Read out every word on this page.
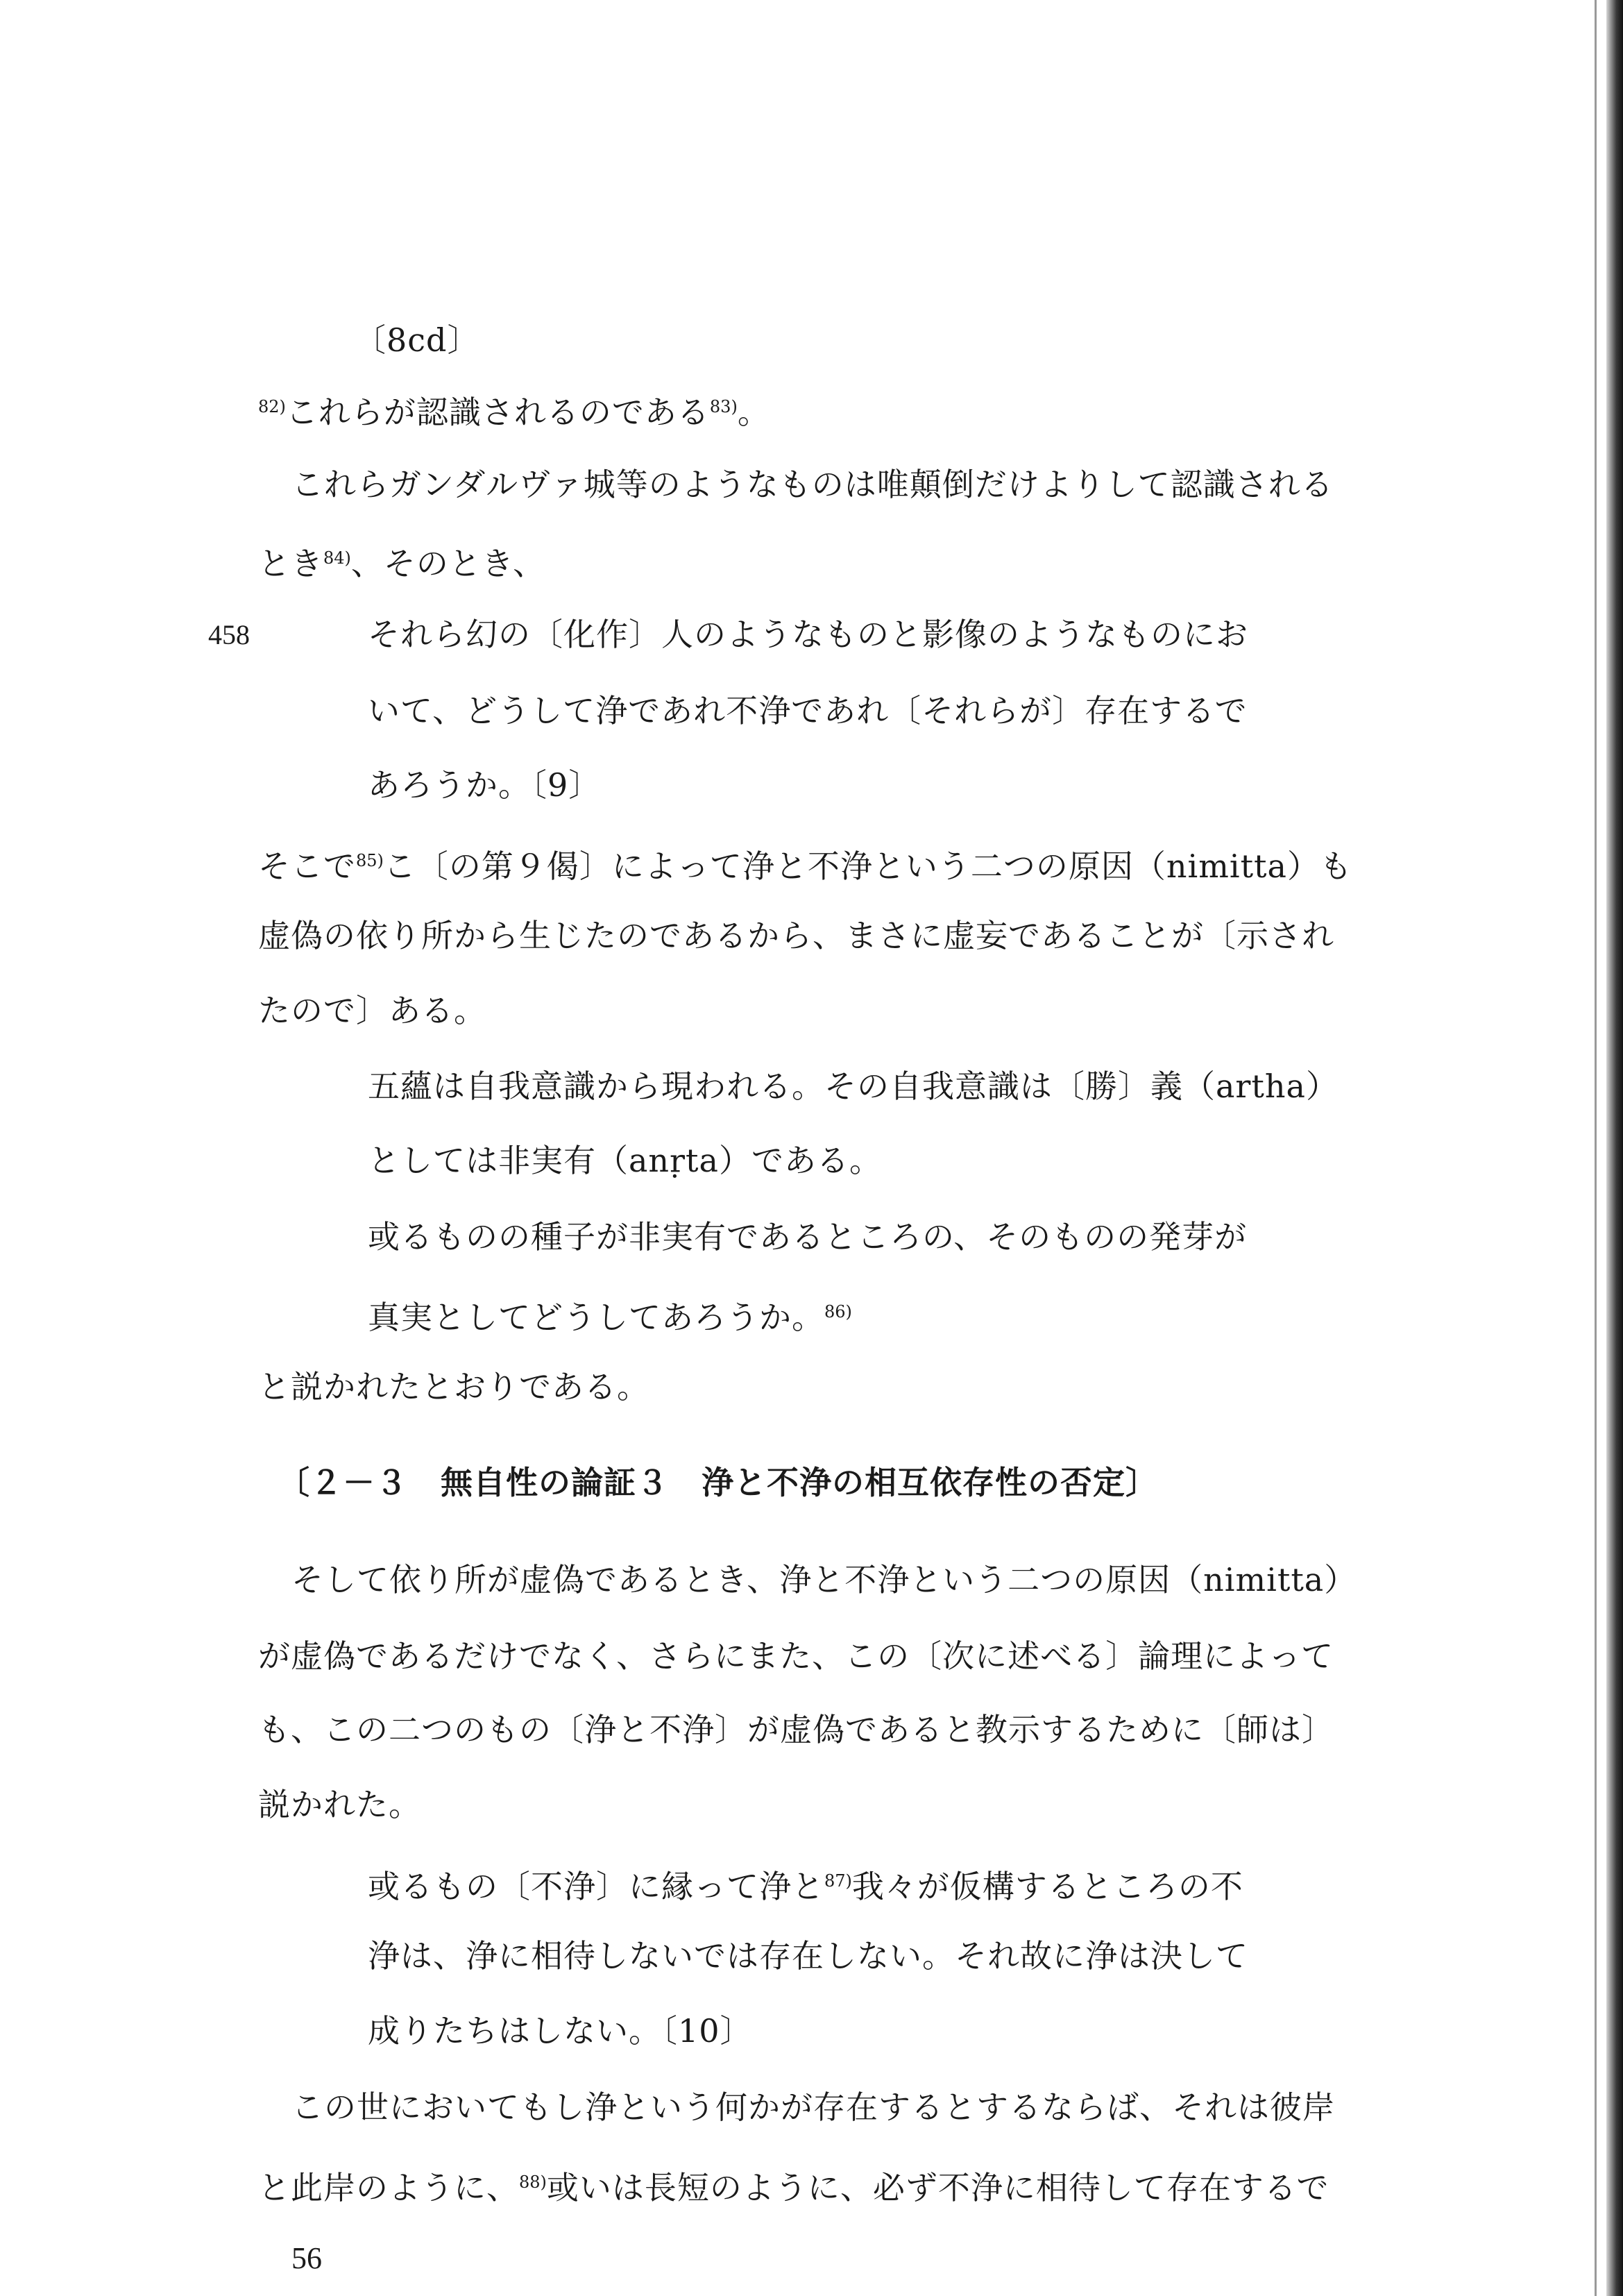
〔8cd〕
$^{82)}$これらが認識されるのである$^{83)}$。
これらガンダルヴァ城等のようなものは唯顛倒だけよりして認識される
とき$^{84)}$、そのとき、
458	それら幻の〔化作〕人のようなものと影像のようなものにお
いて、どうして浄であれ不浄であれ〔それらが〕存在するで
あろうか。〔9〕
そこで$^{85)}$こ〔の第９偈〕によって浄と不浄という二つの原因（nimitta）も
虚偽の依り所から生じたのであるから、まさに虚妄であることが〔示され
たので〕ある。
五蘊は自我意識から現われる。その自我意識は〔勝〕義（artha）
としては非実有（anṛta）である。
或るものの種子が非実有であるところの、そのものの発芽が
真実としてどうしてあろうか。$^{86)}$
と説かれたとおりである。
〔２－３　無自性の論証３　浄と不浄の相互依存性の否定〕
そして依り所が虚偽であるとき、浄と不浄という二つの原因（nimitta）
が虚偽であるだけでなく、さらにまた、この〔次に述べる〕論理によって
も、この二つのもの〔浄と不浄〕が虚偽であると教示するために〔師は〕
説かれた。
或るもの〔不浄〕に縁って浄と$^{87)}$我々が仮構するところの不
浄は、浄に相待しないでは存在しない。それ故に浄は決して
成りたちはしない。〔10〕
この世においてもし浄という何かが存在するとするならば、それは彼岸
と此岸のように、$^{88)}$或いは長短のように、必ず不浄に相待して存在するで
56
